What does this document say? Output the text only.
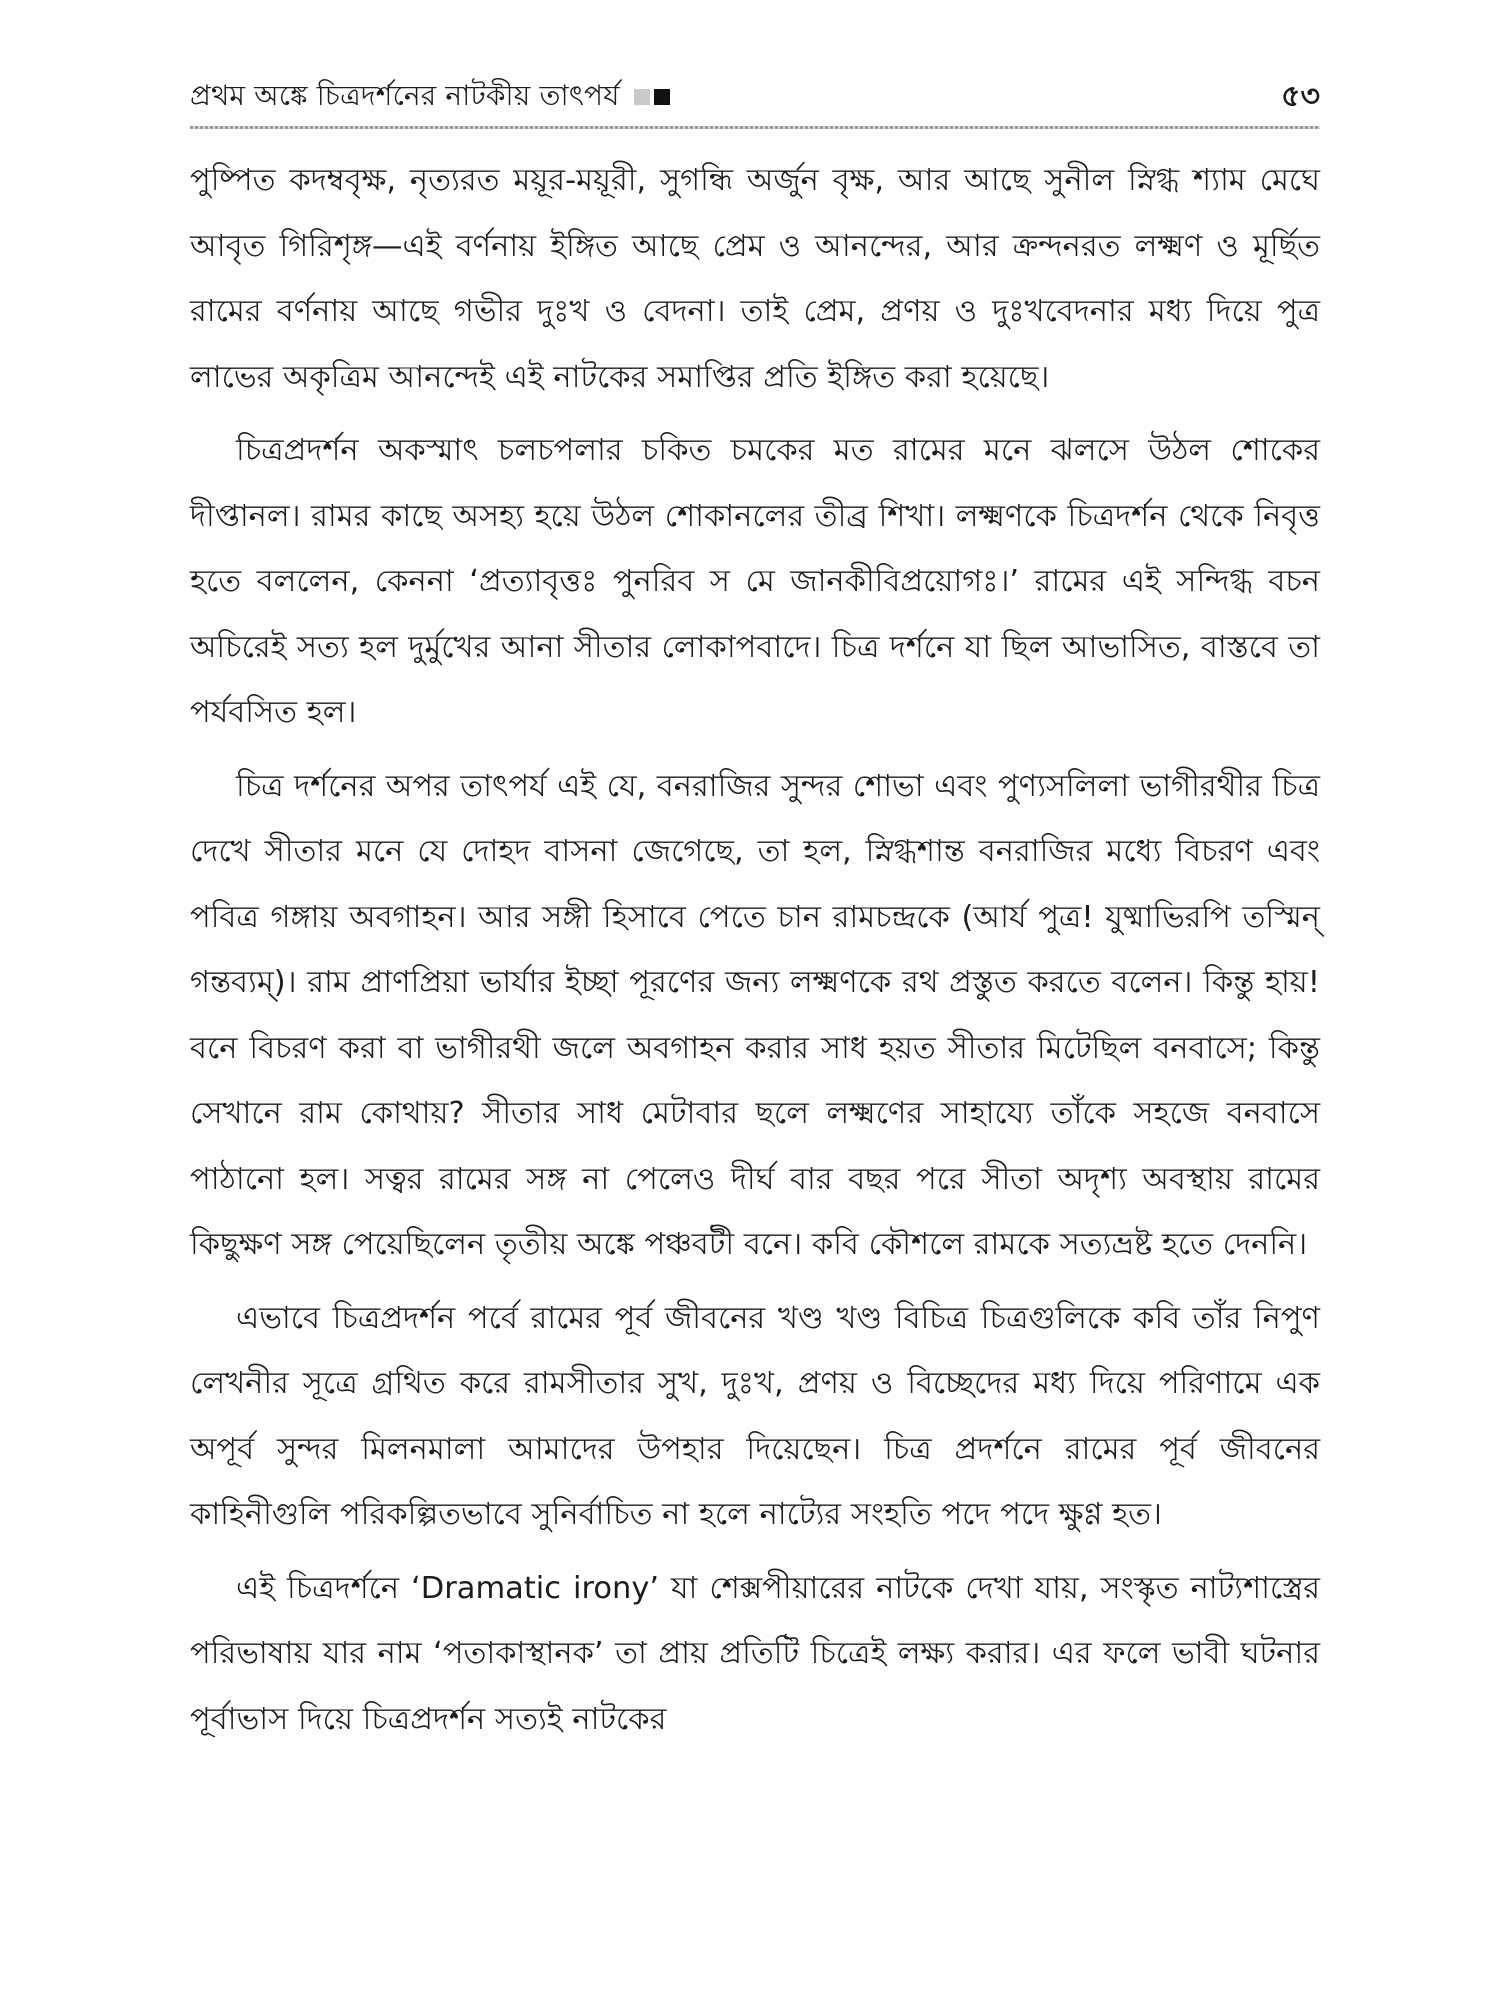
প্রথম অঙ্কে চিত্রদর্শনের নাটকীয় তাৎপর্য	৫৩

পুষ্পিত কদম্ববৃক্ষ, নৃত্যরত ময়ূর-ময়ূরী, সুগন্ধি অর্জুন বৃক্ষ, আর আছে সুনীল স্নিগ্ধ শ্যাম মেঘে আবৃত গিরিশৃঙ্গ—এই বর্ণনায় ইঙ্গিত আছে প্রেম ও আনন্দের, আর ক্রন্দনরত লক্ষ্মণ ও মূর্ছিত রামের বর্ণনায় আছে গভীর দুঃখ ও বেদনা। তাই প্রেম, প্রণয় ও দুঃখবেদনার মধ্য দিয়ে পুত্র লাভের অকৃত্রিম আনন্দেই এই নাটকের সমাপ্তির প্রতি ইঙ্গিত করা হয়েছে।

চিত্রপ্রদর্শন অকস্মাৎ চলচপলার চকিত চমকের মত রামের মনে ঝলসে উঠল শোকের দীপ্তানল। রামর কাছে অসহ্য হয়ে উঠল শোকানলের তীব্র শিখা। লক্ষ্মণকে চিত্রদর্শন থেকে নিবৃত্ত হতে বললেন, কেননা ‘প্রত্যাবৃত্তঃ পুনরিব স মে জানকীবিপ্রয়োগঃ।’ রামের এই সন্দিগ্ধ বচন অচিরেই সত্য হল দুর্মুখের আনা সীতার লোকাপবাদে। চিত্র দর্শনে যা ছিল আভাসিত, বাস্তবে তা পর্যবসিত হল।

চিত্র দর্শনের অপর তাৎপর্য এই যে, বনরাজির সুন্দর শোভা এবং পুণ্যসলিলা ভাগীরথীর চিত্র দেখে সীতার মনে যে দোহদ বাসনা জেগেছে, তা হল, স্নিগ্ধশান্ত বনরাজির মধ্যে বিচরণ এবং পবিত্র গঙ্গায় অবগাহন। আর সঙ্গী হিসাবে পেতে চান রামচন্দ্রকে (আর্য পুত্র! যুষ্মাভিরপি তস্মিন্ গন্তব্যম্)। রাম প্রাণপ্রিয়া ভার্যার ইচ্ছা পূরণের জন্য লক্ষ্মণকে রথ প্রস্তুত করতে বলেন। কিন্তু হায়! বনে বিচরণ করা বা ভাগীরথী জলে অবগাহন করার সাধ হয়ত সীতার মিটেছিল বনবাসে; কিন্তু সেখানে রাম কোথায়? সীতার সাধ মেটাবার ছলে লক্ষ্মণের সাহায্যে তাঁকে সহজে বনবাসে পাঠানো হল। সত্বর রামের সঙ্গ না পেলেও দীর্ঘ বার বছর পরে সীতা অদৃশ্য অবস্থায় রামের কিছুক্ষণ সঙ্গ পেয়েছিলেন তৃতীয় অঙ্কে পঞ্চবটী বনে। কবি কৌশলে রামকে সত্যভ্রষ্ট হতে দেননি।

এভাবে চিত্রপ্রদর্শন পর্বে রামের পূর্ব জীবনের খণ্ড খণ্ড বিচিত্র চিত্রগুলিকে কবি তাঁর নিপুণ লেখনীর সূত্রে গ্রথিত করে রামসীতার সুখ, দুঃখ, প্রণয় ও বিচ্ছেদের মধ্য দিয়ে পরিণামে এক অপূর্ব সুন্দর মিলনমালা আমাদের উপহার দিয়েছেন। চিত্র প্রদর্শনে রামের পূর্ব জীবনের কাহিনীগুলি পরিকল্পিতভাবে সুনির্বাচিত না হলে নাট্যের সংহতি পদে পদে ক্ষুণ্ণ হত।

এই চিত্রদর্শনে ‘Dramatic irony’ যা শেক্সপীয়ারের নাটকে দেখা যায়, সংস্কৃত নাট্যশাস্ত্রের পরিভাষায় যার নাম ‘পতাকাস্থানক’ তা প্রায় প্রতিটি চিত্রেই লক্ষ্য করার। এর ফলে ভাবী ঘটনার পূর্বাভাস দিয়ে চিত্রপ্রদর্শন সত্যই নাটকের
